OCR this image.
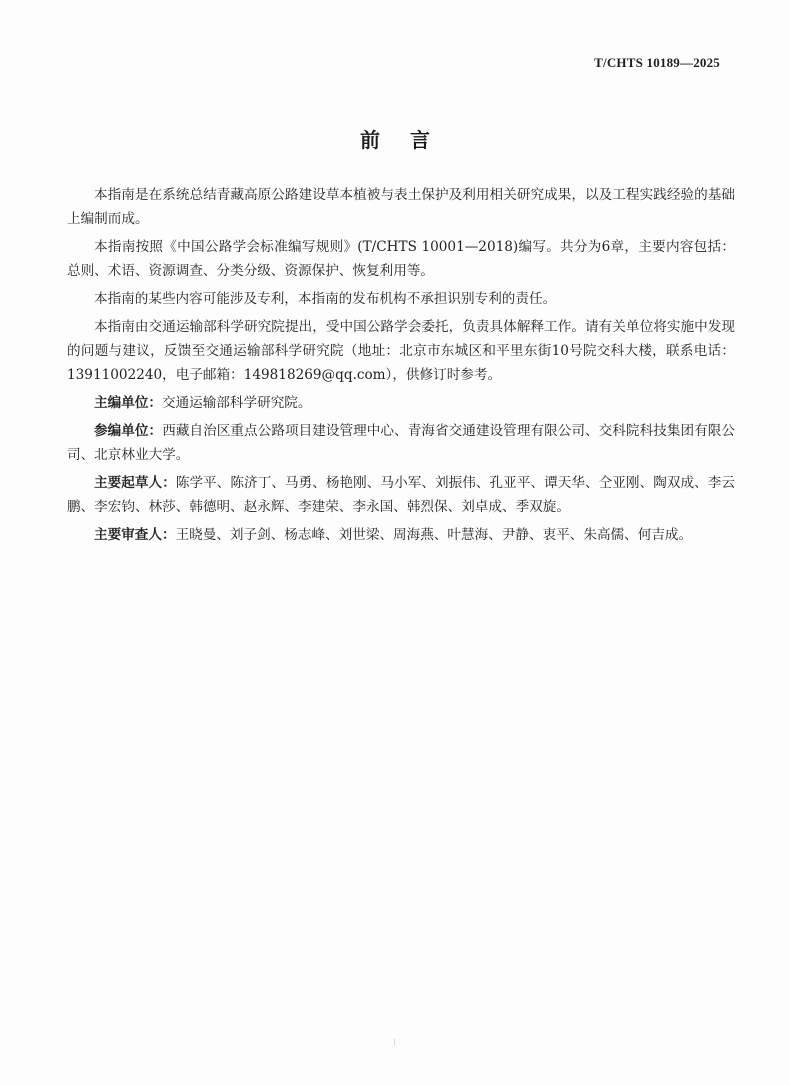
T/CHTS 10189—2025
前言

本指南是在系统总结青藏高原公路建设草本植被与表土保护及利用相关研究成果，以及工程实践经验的基础上编制而成。

本指南按照《中国公路学会标准编写规则》(T/CHTS 10001—2018)编写。共分为6章，主要内容包括：总则、术语、资源调查、分类分级、资源保护、恢复利用等。

本指南的某些内容可能涉及专利，本指南的发布机构不承担识别专利的责任。

本指南由交通运输部科学研究院提出，受中国公路学会委托，负责具体解释工作。请有关单位将实施中发现的问题与建议，反馈至交通运输部科学研究院（地址：北京市东城区和平里东街10号院交科大楼，联系电话：13911002240，电子邮箱：149818269@qq.com），供修订时参考。

主编单位：交通运输部科学研究院。

参编单位：西藏自治区重点公路项目建设管理中心、青海省交通建设管理有限公司、交科院科技集团有限公司、北京林业大学。

主要起草人：陈学平、陈济丁、马勇、杨艳刚、马小军、刘振伟、孔亚平、谭天华、仝亚刚、陶双成、李云鹏、李宏钧、林莎、韩德明、赵永辉、李建荣、李永国、韩烈保、刘卓成、季双旋。

主要审查人：王晓曼、刘子剑、杨志峰、刘世梁、周海燕、叶慧海、尹静、衷平、朱高儒、何吉成。
